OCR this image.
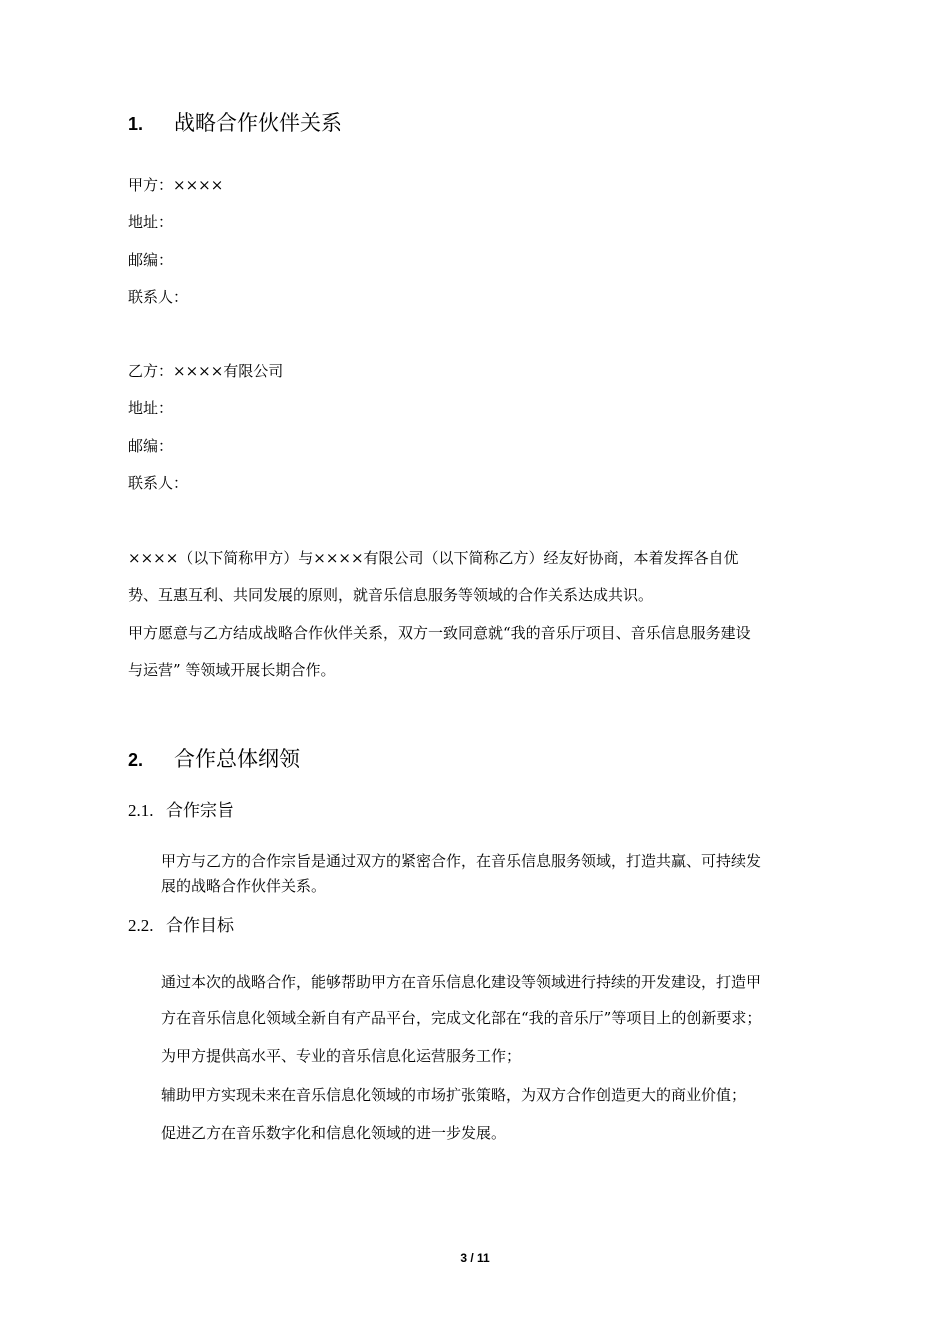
1.	战略合作伙伴关系
甲方：××××
地址：
邮编：
联系人：
乙方：××××有限公司
地址：
邮编：
联系人：
××××（以下简称甲方）与××××有限公司（以下简称乙方）经友好协商，本着发挥各自优
势、互惠互利、共同发展的原则，就音乐信息服务等领域的合作关系达成共识。
甲方愿意与乙方结成战略合作伙伴关系，双方一致同意就“我的音乐厅项目、音乐信息服务建设
与运营” 等领域开展长期合作。
2.	合作总体纲领
2.1. 合作宗旨
甲方与乙方的合作宗旨是通过双方的紧密合作，在音乐信息服务领域，打造共赢、可持续发
展的战略合作伙伴关系。
2.2. 合作目标
通过本次的战略合作，能够帮助甲方在音乐信息化建设等领域进行持续的开发建设，打造甲
方在音乐信息化领域全新自有产品平台，完成文化部在“我的音乐厅”等项目上的创新要求；
为甲方提供高水平、专业的音乐信息化运营服务工作；
辅助甲方实现未来在音乐信息化领域的市场扩张策略，为双方合作创造更大的商业价值；
促进乙方在音乐数字化和信息化领域的进一步发展。
3 / 11
